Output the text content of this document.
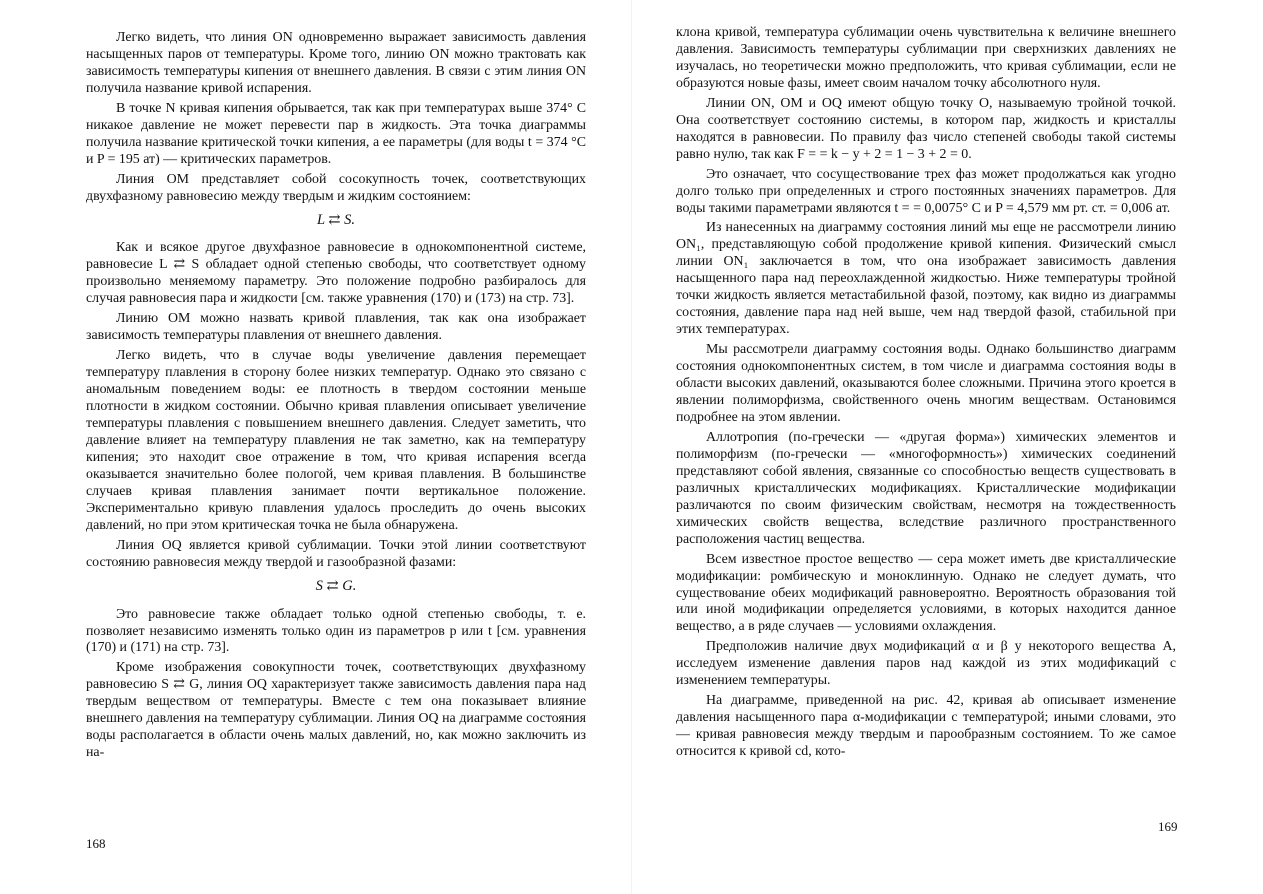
Легко видеть, что линия ON одновременно выражает зависимость давления насыщенных паров от температуры. Кроме того, линию ON можно трактовать как зависимость температуры кипения от внешнего давления. В связи с этим линия ON получила название кривой испарения.

В точке N кривая кипения обрывается, так как при температурах выше 374° С никакое давление не может перевести пар в жидкость. Эта точка диаграммы получила название критической точки кипения, а ее параметры (для воды t = 374 °С и P = 195 ат) — критических параметров.

Линия ОМ представляет собой сосокупность точек, соответствующих двухфазному равновесию между твердым и жидким состоянием:

L ⇄ S.

Как и всякое другое двухфазное равновесие в однокомпонентной системе, равновесие L ⇄ S обладает одной степенью свободы, что соответствует одному произвольно меняемому параметру. Это положение подробно разбиралось для случая равновесия пара и жидкости [см. также уравнения (170) и (173) на стр. 73].

Линию ОМ можно назвать кривой плавления, так как она изображает зависимость температуры плавления от внешнего давления.

Легко видеть, что в случае воды увеличение давления перемещает температуру плавления в сторону более низких температур. Однако это связано с аномальным поведением воды: ее плотность в твердом состоянии меньше плотности в жидком состоянии. Обычно кривая плавления описывает увеличение температуры плавления с повышением внешнего давления. Следует заметить, что давление влияет на температуру плавления не так заметно, как на температуру кипения; это находит свое отражение в том, что кривая испарения всегда оказывается значительно более пологой, чем кривая плавления. В большинстве случаев кривая плавления занимает почти вертикальное положение. Экспериментально кривую плавления удалось проследить до очень высоких давлений, но при этом критическая точка не была обнаружена.

Линия OQ является кривой сублимации. Точки этой линии соответствуют состоянию равновесия между твердой и газообразной фазами:

S ⇄ G.

Это равновесие также обладает только одной степенью свободы, т. е. позволяет независимо изменять только один из параметров p или t [см. уравнения (170) и (171) на стр. 73].

Кроме изображения совокупности точек, соответствующих двухфазному равновесию S ⇄ G, линия OQ характеризует также зависимость давления пара над твердым веществом от температуры. Вместе с тем она показывает влияние внешнего давления на температуру сублимации. Линия OQ на диаграмме состояния воды располагается в области очень малых давлений, но, как можно заключить из на-

168

клона кривой, температура сублимации очень чувствительна к величине внешнего давления. Зависимость температуры сублимации при сверхнизких давлениях не изучалась, но теоретически можно предположить, что кривая сублимации, если не образуются новые фазы, имеет своим началом точку абсолютного нуля.

Линии ON, ОМ и OQ имеют общую точку O, называемую тройной точкой. Она соответствует состоянию системы, в котором пар, жидкость и кристаллы находятся в равновесии. По правилу фаз число степеней свободы такой системы равно нулю, так как F = = k − y + 2 = 1 − 3 + 2 = 0.

Это означает, что сосуществование трех фаз может продолжаться как угодно долго только при определенных и строго постоянных значениях параметров. Для воды такими параметрами являются t = = 0,0075° С и P = 4,579 мм рт. ст. = 0,006 ат.

Из нанесенных на диаграмму состояния линий мы еще не рассмотрели линию ON₁, представляющую собой продолжение кривой кипения. Физический смысл линии ON₁ заключается в том, что она изображает зависимость давления насыщенного пара над переохлажденной жидкостью. Ниже температуры тройной точки жидкость является метастабильной фазой, поэтому, как видно из диаграммы состояния, давление пара над ней выше, чем над твердой фазой, стабильной при этих температурах.

Мы рассмотрели диаграмму состояния воды. Однако большинство диаграмм состояния однокомпонентных систем, в том числе и диаграмма состояния воды в области высоких давлений, оказываются более сложными. Причина этого кроется в явлении полиморфизма, свойственного очень многим веществам. Остановимся подробнее на этом явлении.

Аллотропия (по-гречески — «другая форма») химических элементов и полиморфизм (по-гречески — «многоформность») химических соединений представляют собой явления, связанные со способностью веществ существовать в различных кристаллических модификациях. Кристаллические модификации различаются по своим физическим свойствам, несмотря на тождественность химических свойств вещества, вследствие различного пространственного расположения частиц вещества.

Всем известное простое вещество — сера может иметь две кристаллические модификации: ромбическую и моноклинную. Однако не следует думать, что существование обеих модификаций равновероятно. Вероятность образования той или иной модификации определяется условиями, в которых находится данное вещество, а в ряде случаев — условиями охлаждения.

Предположив наличие двух модификаций α и β у некоторого вещества A, исследуем изменение давления паров над каждой из этих модификаций с изменением температуры.

На диаграмме, приведенной на рис. 42, кривая ab описывает изменение давления насыщенного пара α-модификации с температурой; иными словами, это — кривая равновесия между твердым и парообразным состоянием. То же самое относится к кривой cd, кото-

169
